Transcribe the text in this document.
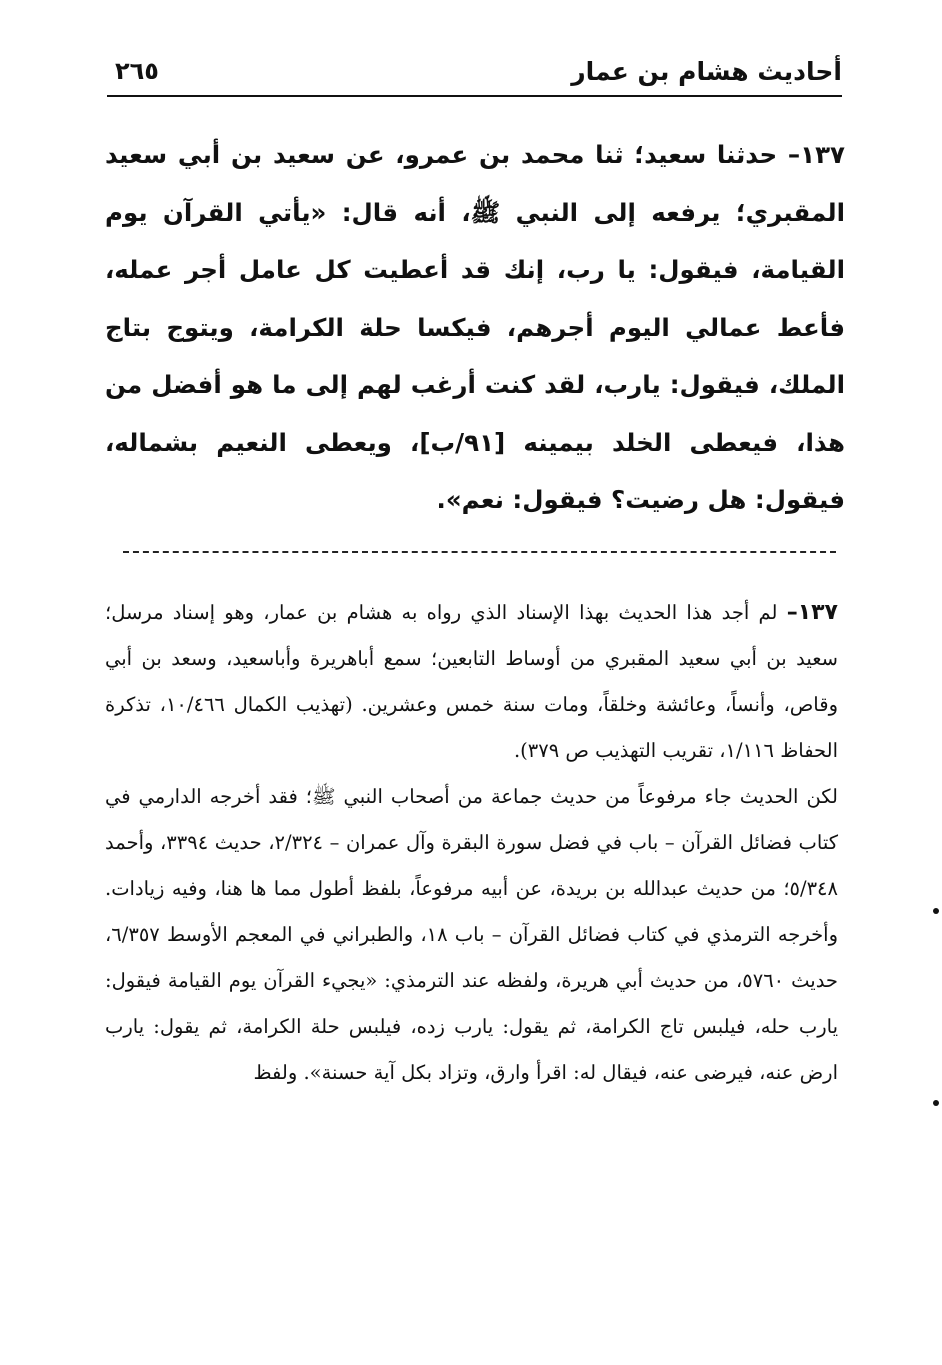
أحاديث هشام بن عمار
٢٦٥
١٣٧– حدثنا سعيد؛ ثنا محمد بن عمرو، عن سعيد بن أبي سعيد المقبري؛ يرفعه إلى النبي ﷺ، أنه قال: «يأتي القرآن يوم القيامة، فيقول: يا رب، إنك قد أعطيت كل عامل أجر عمله، فأعط عمالي اليوم أجرهم، فيكسا حلة الكرامة، ويتوج بتاج الملك، فيقول: يارب، لقد كنت أرغب لهم إلى ما هو أفضل من هذا، فيعطى الخلد بيمينه [٩١/ب]، ويعطى النعيم بشماله، فيقول: هل رضيت؟ فيقول: نعم».

١٣٧– لم أجد هذا الحديث بهذا الإسناد الذي رواه به هشام بن عمار، وهو إسناد مرسل؛ سعيد بن أبي سعيد المقبري من أوساط التابعين؛ سمع أباهريرة وأباسعيد، وسعد بن أبي وقاص، وأنساً، وعائشة وخلقاً، ومات سنة خمس وعشرين. (تهذيب الكمال ١٠/٤٦٦، تذكرة الحفاظ ١/١١٦، تقريب التهذيب ص ٣٧٩).

لكن الحديث جاء مرفوعاً من حديث جماعة من أصحاب النبي ﷺ؛ فقد أخرجه الدارمي في كتاب فضائل القرآن – باب في فضل سورة البقرة وآل عمران – ٢/٣٢٤، حديث ٣٣٩٤، وأحمد ٥/٣٤٨؛ من حديث عبدالله بن بريدة، عن أبيه مرفوعاً، بلفظ أطول مما ها هنا، وفيه زيادات. وأخرجه الترمذي في كتاب فضائل القرآن – باب ١٨، والطبراني في المعجم الأوسط ٦/٣٥٧، حديث ٥٧٦٠، من حديث أبي هريرة، ولفظه عند الترمذي: «يجيء القرآن يوم القيامة فيقول: يارب حله، فيلبس تاج الكرامة، ثم يقول: يارب زده، فيلبس حلة الكرامة، ثم يقول: يارب ارض عنه، فيرضى عنه، فيقال له: اقرأ وارق، وتزاد بكل آية حسنة». ولفظ
